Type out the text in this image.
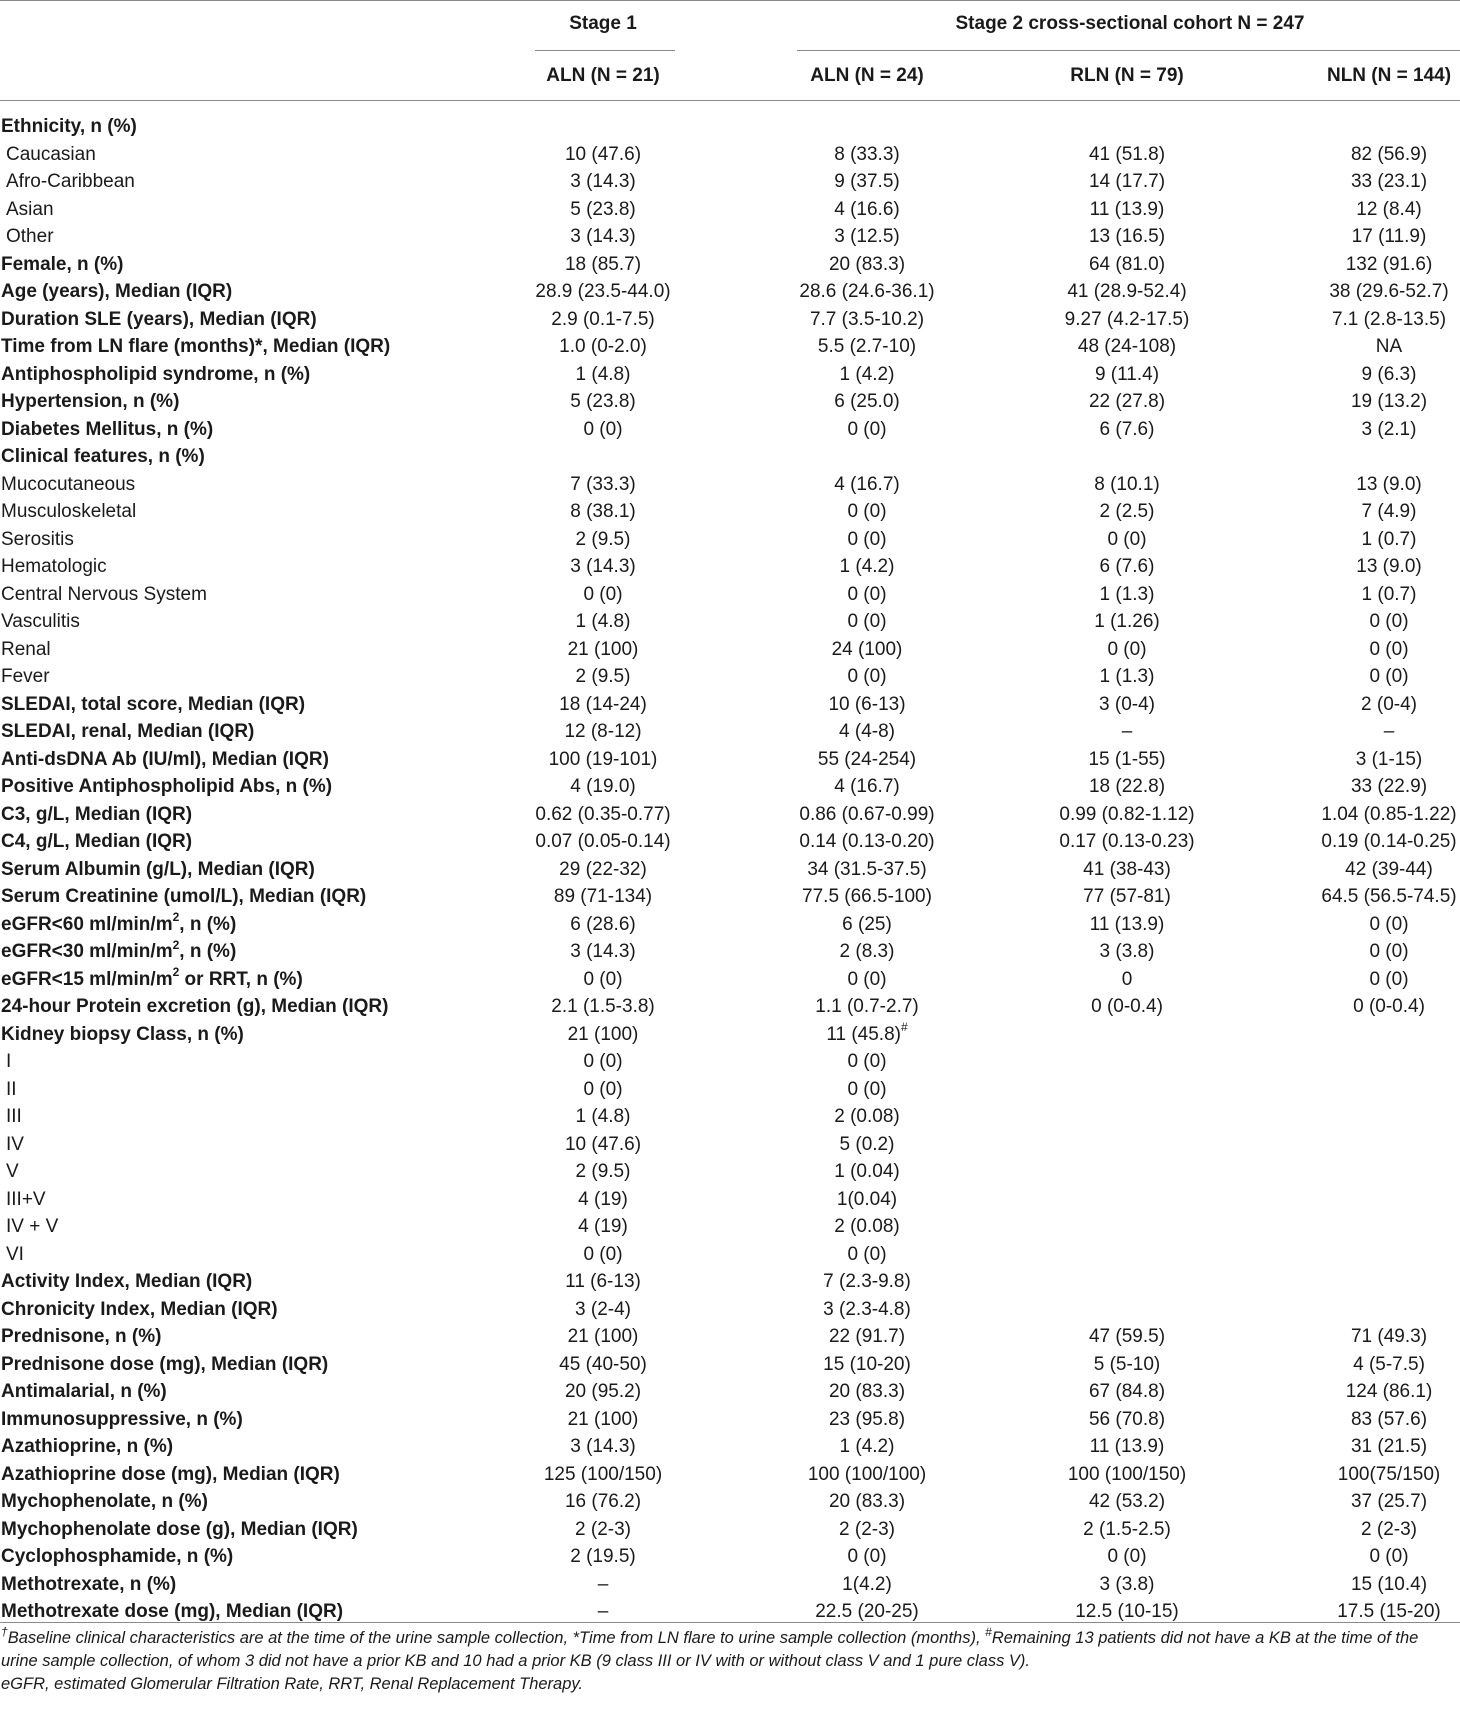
Stage 1	Stage 2 cross-sectional cohort N = 247
ALN (N = 21)	ALN (N = 24)	RLN (N = 79)	NLN (N = 144)
Ethnicity, n (%)
Caucasian	10 (47.6)	8 (33.3)	41 (51.8)	82 (56.9)
Afro-Caribbean	3 (14.3)	9 (37.5)	14 (17.7)	33 (23.1)
Asian	5 (23.8)	4 (16.6)	11 (13.9)	12 (8.4)
Other	3 (14.3)	3 (12.5)	13 (16.5)	17 (11.9)
Female, n (%)	18 (85.7)	20 (83.3)	64 (81.0)	132 (91.6)
Age (years), Median (IQR)	28.9 (23.5-44.0)	28.6 (24.6-36.1)	41 (28.9-52.4)	38 (29.6-52.7)
Duration SLE (years), Median (IQR)	2.9 (0.1-7.5)	7.7 (3.5-10.2)	9.27 (4.2-17.5)	7.1 (2.8-13.5)
Time from LN flare (months)*, Median (IQR)	1.0 (0-2.0)	5.5 (2.7-10)	48 (24-108)	NA
Antiphospholipid syndrome, n (%)	1 (4.8)	1 (4.2)	9 (11.4)	9 (6.3)
Hypertension, n (%)	5 (23.8)	6 (25.0)	22 (27.8)	19 (13.2)
Diabetes Mellitus, n (%)	0 (0)	0 (0)	6 (7.6)	3 (2.1)
Clinical features, n (%)
Mucocutaneous	7 (33.3)	4 (16.7)	8 (10.1)	13 (9.0)
Musculoskeletal	8 (38.1)	0 (0)	2 (2.5)	7 (4.9)
Serositis	2 (9.5)	0 (0)	0 (0)	1 (0.7)
Hematologic	3 (14.3)	1 (4.2)	6 (7.6)	13 (9.0)
Central Nervous System	0 (0)	0 (0)	1 (1.3)	1 (0.7)
Vasculitis	1 (4.8)	0 (0)	1 (1.26)	0 (0)
Renal	21 (100)	24 (100)	0 (0)	0 (0)
Fever	2 (9.5)	0 (0)	1 (1.3)	0 (0)
SLEDAI, total score, Median (IQR)	18 (14-24)	10 (6-13)	3 (0-4)	2 (0-4)
SLEDAI, renal, Median (IQR)	12 (8-12)	4 (4-8)	–	–
Anti-dsDNA Ab (IU/ml), Median (IQR)	100 (19-101)	55 (24-254)	15 (1-55)	3 (1-15)
Positive Antiphospholipid Abs, n (%)	4 (19.0)	4 (16.7)	18 (22.8)	33 (22.9)
C3, g/L, Median (IQR)	0.62 (0.35-0.77)	0.86 (0.67-0.99)	0.99 (0.82-1.12)	1.04 (0.85-1.22)
C4, g/L, Median (IQR)	0.07 (0.05-0.14)	0.14 (0.13-0.20)	0.17 (0.13-0.23)	0.19 (0.14-0.25)
Serum Albumin (g/L), Median (IQR)	29 (22-32)	34 (31.5-37.5)	41 (38-43)	42 (39-44)
Serum Creatinine (umol/L), Median (IQR)	89 (71-134)	77.5 (66.5-100)	77 (57-81)	64.5 (56.5-74.5)
eGFR<60 $ml/\min/m^2$, n (%)	6 (28.6)	6 (25)	11 (13.9)	0 (0)
eGFR<30 $ml/\min/m^2$, n (%)	3 (14.3)	2 (8.3)	3 (3.8)	0 (0)
eGFR<15 $ml/\min/m^2$ or RRT, n (%)	0 (0)	0 (0)	0	0 (0)
24-hour Protein excretion (g), Median (IQR)	2.1 (1.5-3.8)	1.1 (0.7-2.7)	0 (0-0.4)	0 (0-0.4)
Kidney biopsy Class, n (%)	21 (100)	11 (45.8)#
I	0 (0)	0 (0)
II	0 (0)	0 (0)
III	1 (4.8)	2 (0.08)
IV	10 (47.6)	5 (0.2)
V	2 (9.5)	1 (0.04)
III+V	4 (19)	1(0.04)
IV + V	4 (19)	2 (0.08)
VI	0 (0)	0 (0)
Activity Index, Median (IQR)	11 (6-13)	7 (2.3-9.8)
Chronicity Index, Median (IQR)	3 (2-4)	3 (2.3-4.8)
Prednisone, n (%)	21 (100)	22 (91.7)	47 (59.5)	71 (49.3)
Prednisone dose (mg), Median (IQR)	45 (40-50)	15 (10-20)	5 (5-10)	4 (5-7.5)
Antimalarial, n (%)	20 (95.2)	20 (83.3)	67 (84.8)	124 (86.1)
Immunosuppressive, n (%)	21 (100)	23 (95.8)	56 (70.8)	83 (57.6)
Azathioprine, n (%)	3 (14.3)	1 (4.2)	11 (13.9)	31 (21.5)
Azathioprine dose (mg), Median (IQR)	125 (100/150)	100 (100/100)	100 (100/150)	100(75/150)
Mychophenolate, n (%)	16 (76.2)	20 (83.3)	42 (53.2)	37 (25.7)
Mychophenolate dose (g), Median (IQR)	2 (2-3)	2 (2-3)	2 (1.5-2.5)	2 (2-3)
Cyclophosphamide, n (%)	2 (19.5)	0 (0)	0 (0)	0 (0)
Methotrexate, n (%)	–	1(4.2)	3 (3.8)	15 (10.4)
Methotrexate dose (mg), Median (IQR)	–	22.5 (20-25)	12.5 (10-15)	17.5 (15-20)
†Baseline clinical characteristics are at the time of the urine sample collection, *Time from LN flare to urine sample collection (months), #Remaining 13 patients did not have a KB at the time of the urine sample collection, of whom 3 did not have a prior KB and 10 had a prior KB (9 class III or IV with or without class V and 1 pure class V).
eGFR, estimated Glomerular Filtration Rate, RRT, Renal Replacement Therapy.
